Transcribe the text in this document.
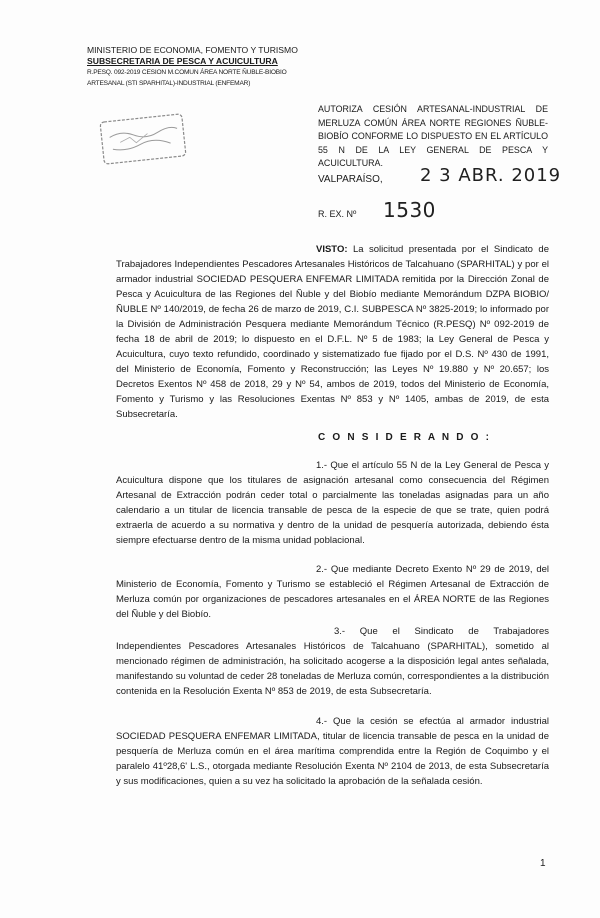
MINISTERIO DE ECONOMIA, FOMENTO Y TURISMO
SUBSECRETARIA DE PESCA Y ACUICULTURA
R.PESQ. 092-2019 CESION M.COMUN ÁREA NORTE ÑUBLE-BIOBIO
ARTESANAL (STI SPARHITAL)-INDUSTRIAL (ENFEMAR)
AUTORIZA CESIÓN ARTESANAL-INDUSTRIAL DE MERLUZA COMÚN ÁREA NORTE REGIONES ÑUBLE-BIOBÍO CONFORME LO DISPUESTO EN EL ARTÍCULO 55 N DE LA LEY GENERAL DE PESCA Y ACUICULTURA.
VALPARAÍSO, 2 3 ABR. 2019
R. EX. Nº 1530
VISTO: La solicitud presentada por el Sindicato de Trabajadores Independientes Pescadores Artesanales Históricos de Talcahuano (SPARHITAL) y por el armador industrial SOCIEDAD PESQUERA ENFEMAR LIMITADA remitida por la Dirección Zonal de Pesca y Acuicultura de las Regiones del Ñuble y del Biobío mediante Memorándum DZPA BIOBIO/ÑUBLE Nº 140/2019, de fecha 26 de marzo de 2019, C.I. SUBPESCA Nº 3825-2019; lo informado por la División de Administración Pesquera mediante Memorándum Técnico (R.PESQ) Nº 092-2019 de fecha 18 de abril de 2019; lo dispuesto en el D.F.L. Nº 5 de 1983; la Ley General de Pesca y Acuicultura, cuyo texto refundido, coordinado y sistematizado fue fijado por el D.S. Nº 430 de 1991, del Ministerio de Economía, Fomento y Reconstrucción; las Leyes Nº 19.880 y Nº 20.657; los Decretos Exentos Nº 458 de 2018, 29 y Nº 54, ambos de 2019, todos del Ministerio de Economía, Fomento y Turismo y las Resoluciones Exentas Nº 853 y Nº 1405, ambas de 2019, de esta Subsecretaría.
C O N S I D E R A N D O :
1.- Que el artículo 55 N de la Ley General de Pesca y Acuicultura dispone que los titulares de asignación artesanal como consecuencia del Régimen Artesanal de Extracción podrán ceder total o parcialmente las toneladas asignadas para un año calendario a un titular de licencia transable de pesca de la especie de que se trate, quien podrá extraerla de acuerdo a su normativa y dentro de la unidad de pesquería autorizada, debiendo ésta siempre efectuarse dentro de la misma unidad poblacional.
2.- Que mediante Decreto Exento Nº 29 de 2019, del Ministerio de Economía, Fomento y Turismo se estableció el Régimen Artesanal de Extracción de Merluza común por organizaciones de pescadores artesanales en el ÁREA NORTE de las Regiones del Ñuble y del Biobío.
3.- Que el Sindicato de Trabajadores Independientes Pescadores Artesanales Históricos de Talcahuano (SPARHITAL), sometido al mencionado régimen de administración, ha solicitado acogerse a la disposición legal antes señalada, manifestando su voluntad de ceder 28 toneladas de Merluza común, correspondientes a la distribución contenida en la Resolución Exenta Nº 853 de 2019, de esta Subsecretaría.
4.- Que la cesión se efectúa al armador industrial SOCIEDAD PESQUERA ENFEMAR LIMITADA, titular de licencia transable de pesca en la unidad de pesquería de Merluza común en el área marítima comprendida entre la Región de Coquimbo y el paralelo 41º28,6' L.S., otorgada mediante Resolución Exenta Nº 2104 de 2013, de esta Subsecretaría y sus modificaciones, quien a su vez ha solicitado la aprobación de la señalada cesión.
1
